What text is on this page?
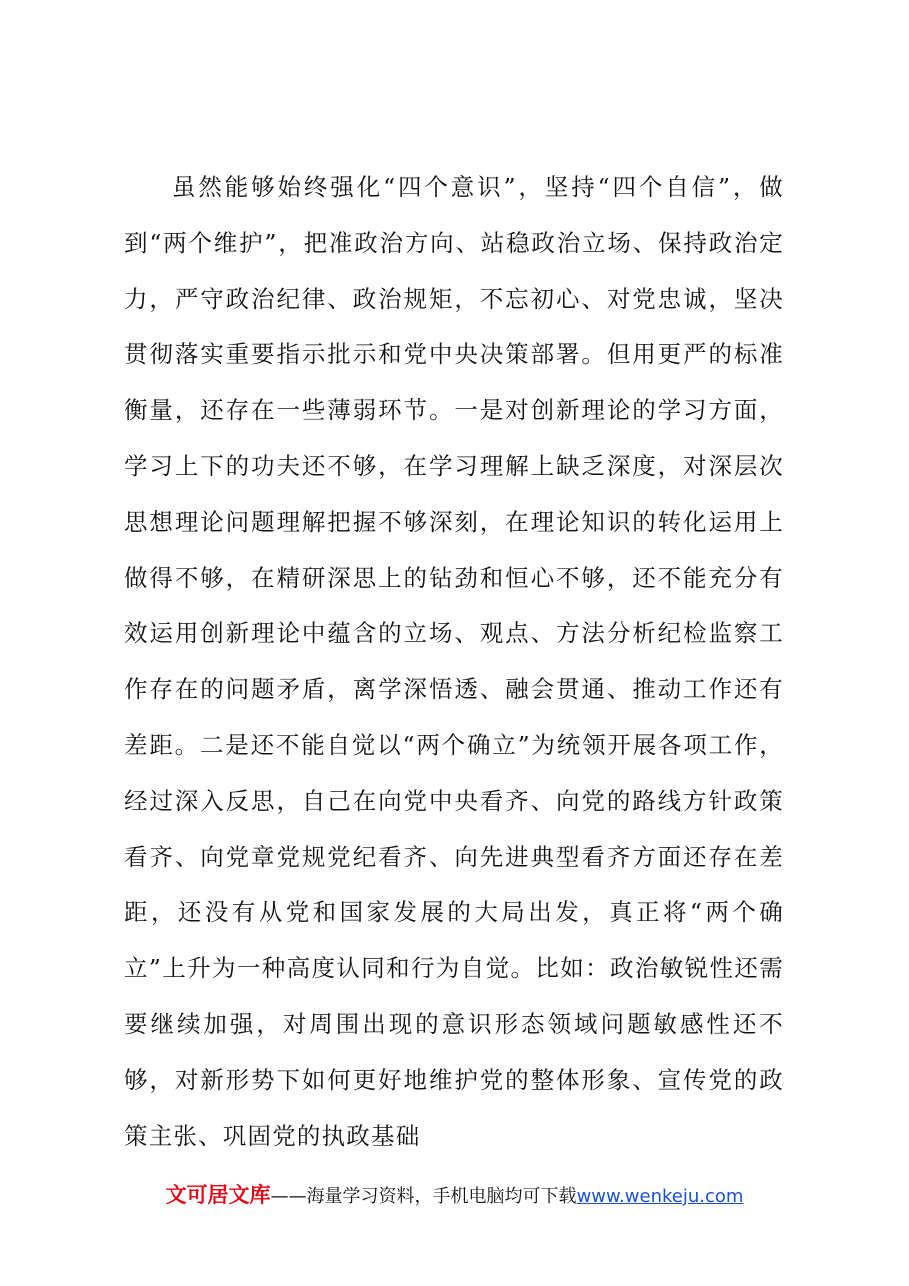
虽然能够始终强化“四个意识”，坚持“四个自信”，做到“两个维护”，把准政治方向、站稳政治立场、保持政治定力，严守政治纪律、政治规矩，不忘初心、对党忠诚，坚决贯彻落实重要指示批示和党中央决策部署。但用更严的标准衡量，还存在一些薄弱环节。一是对创新理论的学习方面，学习上下的功夫还不够，在学习理解上缺乏深度，对深层次思想理论问题理解把握不够深刻，在理论知识的转化运用上做得不够，在精研深思上的钻劲和恒心不够，还不能充分有效运用创新理论中蕴含的立场、观点、方法分析纪检监察工作存在的问题矛盾，离学深悟透、融会贯通、推动工作还有差距。二是还不能自觉以“两个确立”为统领开展各项工作，经过深入反思，自己在向党中央看齐、向党的路线方针政策看齐、向党章党规党纪看齐、向先进典型看齐方面还存在差距，还没有从党和国家发展的大局出发，真正将“两个确立”上升为一种高度认同和行为自觉。比如：政治敏锐性还需要继续加强，对周围出现的意识形态领域问题敏感性还不够，对新形势下如何更好地维护党的整体形象、宣传党的政策主张、巩固党的执政基础

文可居文库——海量学习资料，手机电脑均可下载www.wenkeju.com
